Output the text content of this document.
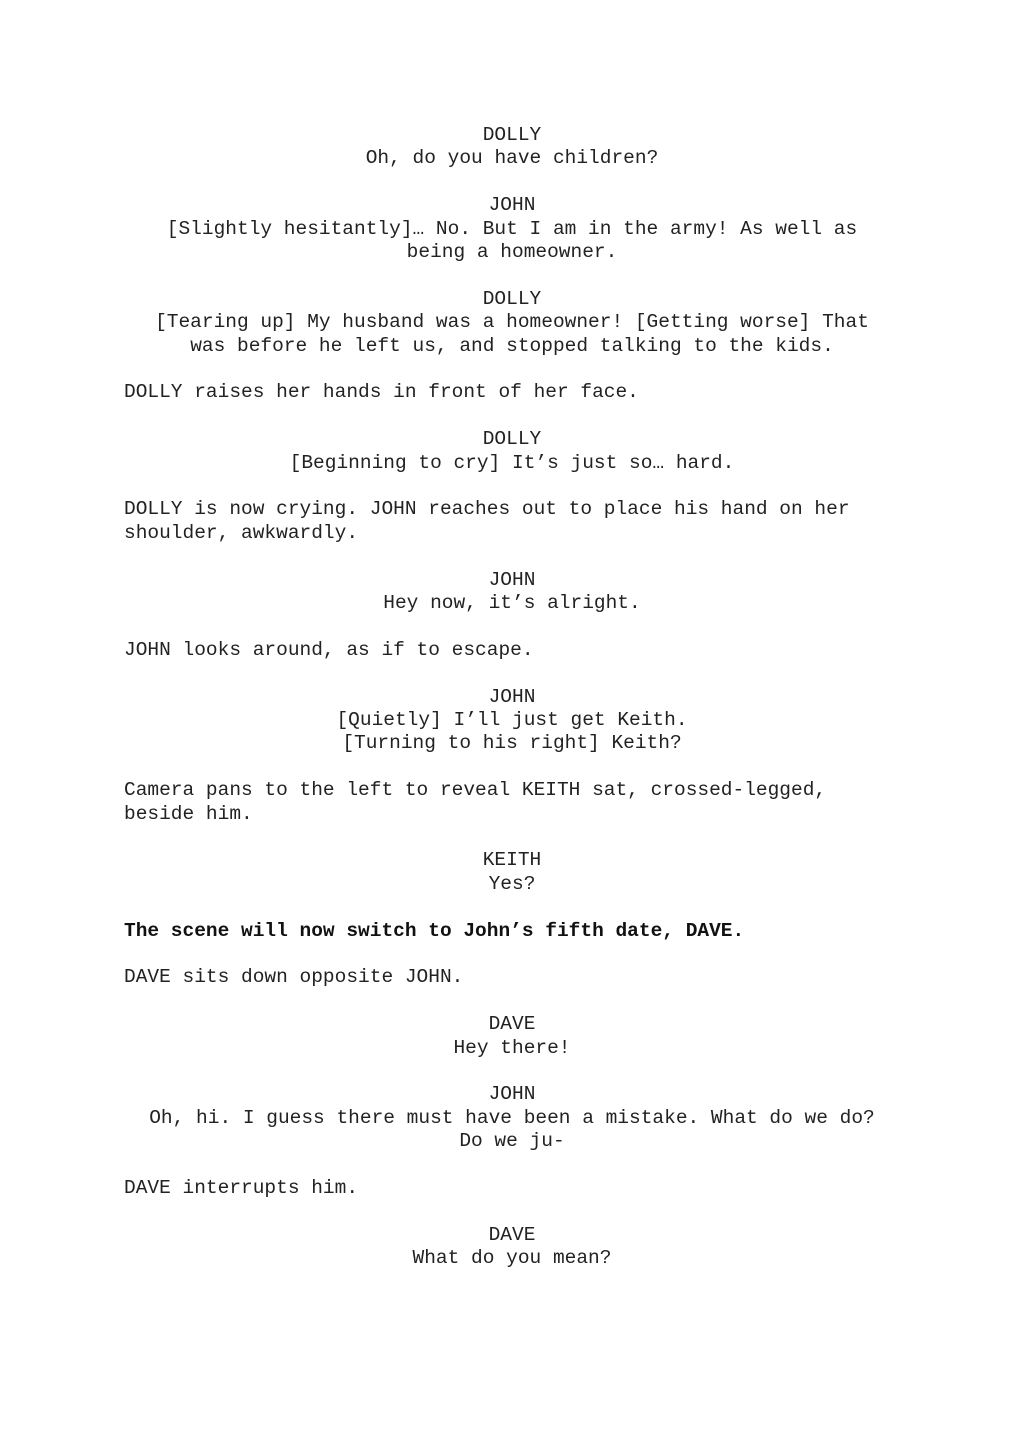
DOLLY

Oh, do you have children?

JOHN

[Slightly hesitantly]… No. But I am in the army! As well as

being a homeowner.

DOLLY

[Tearing up] My husband was a homeowner! [Getting worse] That

was before he left us, and stopped talking to the kids.

DOLLY raises her hands in front of her face.

DOLLY

[Beginning to cry] It’s just so… hard.

DOLLY is now crying. JOHN reaches out to place his hand on her

shoulder, awkwardly.

JOHN

Hey now, it’s alright.

JOHN looks around, as if to escape.

JOHN

[Quietly] I’ll just get Keith.

[Turning to his right] Keith?

Camera pans to the left to reveal KEITH sat, crossed-legged,

beside him.

KEITH

Yes?

The scene will now switch to John’s fifth date, DAVE.

DAVE sits down opposite JOHN.

DAVE

Hey there!

JOHN

Oh, hi. I guess there must have been a mistake. What do we do?

Do we ju-

DAVE interrupts him.

DAVE

What do you mean?
